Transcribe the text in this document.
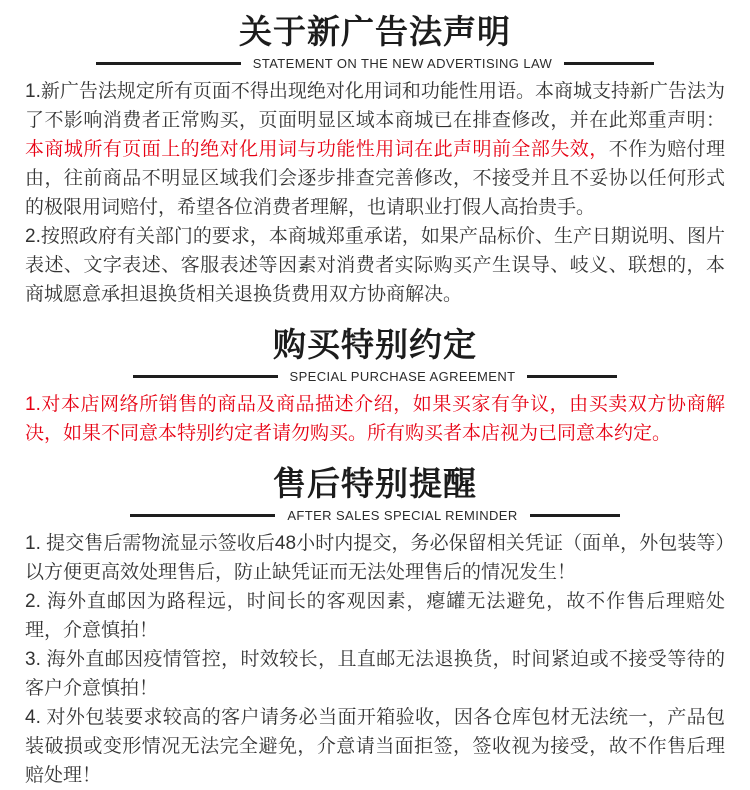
关于新广告法声明
STATEMENT ON THE NEW ADVERTISING LAW

1.新广告法规定所有页面不得出现绝对化用词和功能性用语。本商城支持新广告法为了不影响消费者正常购买，页面明显区域本商城已在排查修改，并在此郑重声明：本商城所有页面上的绝对化用词与功能性用词在此声明前全部失效，不作为赔付理由，往前商品不明显区域我们会逐步排查完善修改，不接受并且不妥协以任何形式的极限用词赔付，希望各位消费者理解，也请职业打假人高抬贵手。

2.按照政府有关部门的要求，本商城郑重承诺，如果产品标价、生产日期说明、图片表述、文字表述、客服表述等因素对消费者实际购买产生误导、岐义、联想的，本商城愿意承担退换货相关退换货费用双方协商解决。

购买特别约定
SPECIAL PURCHASE AGREEMENT

1.对本店网络所销售的商品及商品描述介绍，如果买家有争议，由买卖双方协商解决，如果不同意本特别约定者请勿购买。所有购买者本店视为已同意本约定。

售后特别提醒
AFTER SALES SPECIAL REMINDER

1. 提交售后需物流显示签收后48小时内提交，务必保留相关凭证（面单，外包装等）以方便更高效处理售后，防止缺凭证而无法处理售后的情况发生！

2. 海外直邮因为路程远，时间长的客观因素，瘪罐无法避免，故不作售后理赔处理，介意慎拍！

3. 海外直邮因疫情管控，时效较长，且直邮无法退换货，时间紧迫或不接受等待的客户介意慎拍！

4. 对外包装要求较高的客户请务必当面开箱验收，因各仓库包材无法统一，产品包装破损或变形情况无法完全避免，介意请当面拒签，签收视为接受，故不作售后理赔处理！
